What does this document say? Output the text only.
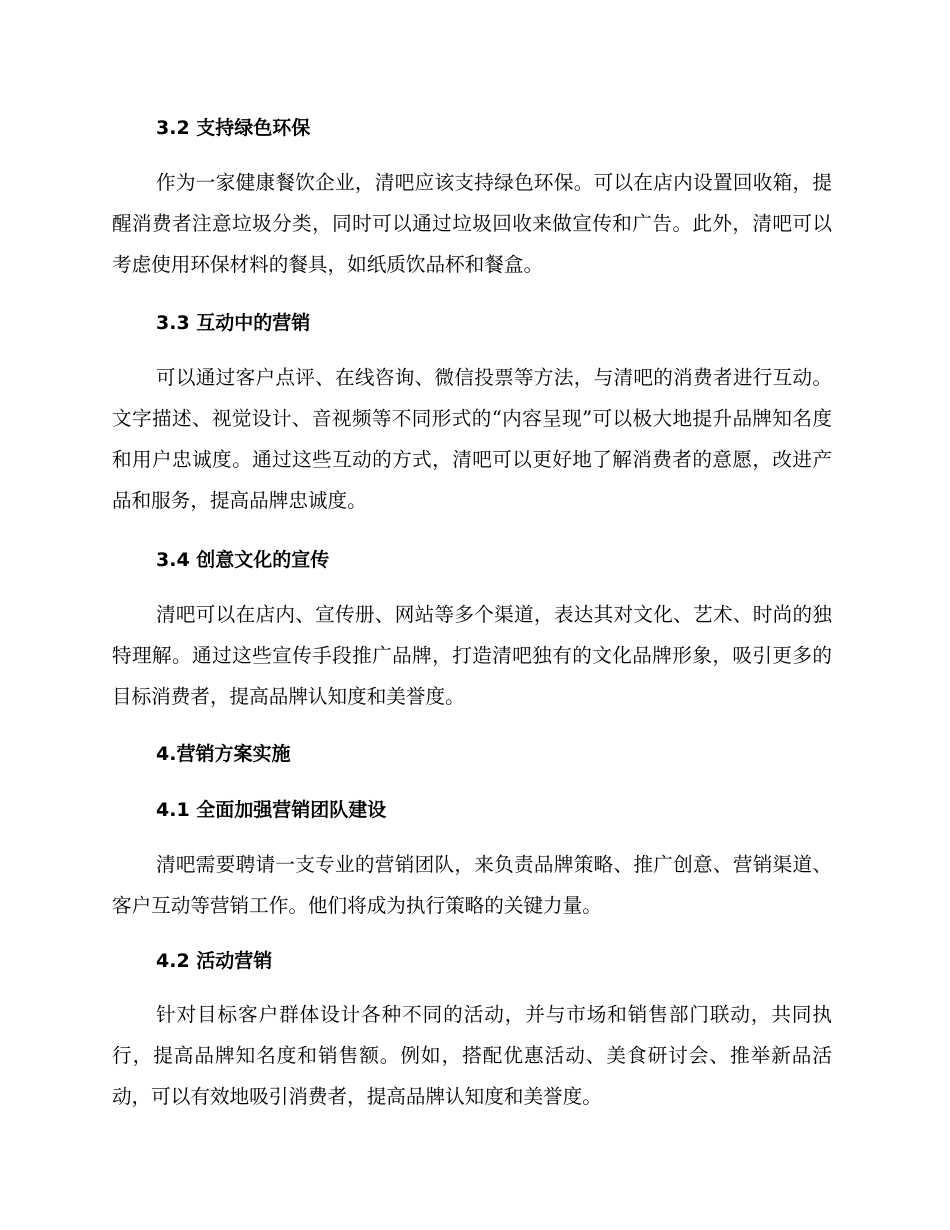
3.2 支持绿色环保

作为一家健康餐饮企业，清吧应该支持绿色环保。可以在店内设置回收箱，提醒消费者注意垃圾分类，同时可以通过垃圾回收来做宣传和广告。此外，清吧可以考虑使用环保材料的餐具，如纸质饮品杯和餐盒。

3.3 互动中的营销

可以通过客户点评、在线咨询、微信投票等方法，与清吧的消费者进行互动。文字描述、视觉设计、音视频等不同形式的“内容呈现”可以极大地提升品牌知名度和用户忠诚度。通过这些互动的方式，清吧可以更好地了解消费者的意愿，改进产品和服务，提高品牌忠诚度。

3.4 创意文化的宣传

清吧可以在店内、宣传册、网站等多个渠道，表达其对文化、艺术、时尚的独特理解。通过这些宣传手段推广品牌，打造清吧独有的文化品牌形象，吸引更多的目标消费者，提高品牌认知度和美誉度。

4.营销方案实施
4.1 全面加强营销团队建设

清吧需要聘请一支专业的营销团队，来负责品牌策略、推广创意、营销渠道、客户互动等营销工作。他们将成为执行策略的关键力量。

4.2 活动营销

针对目标客户群体设计各种不同的活动，并与市场和销售部门联动，共同执行，提高品牌知名度和销售额。例如，搭配优惠活动、美食研讨会、推举新品活动，可以有效地吸引消费者，提高品牌认知度和美誉度。
